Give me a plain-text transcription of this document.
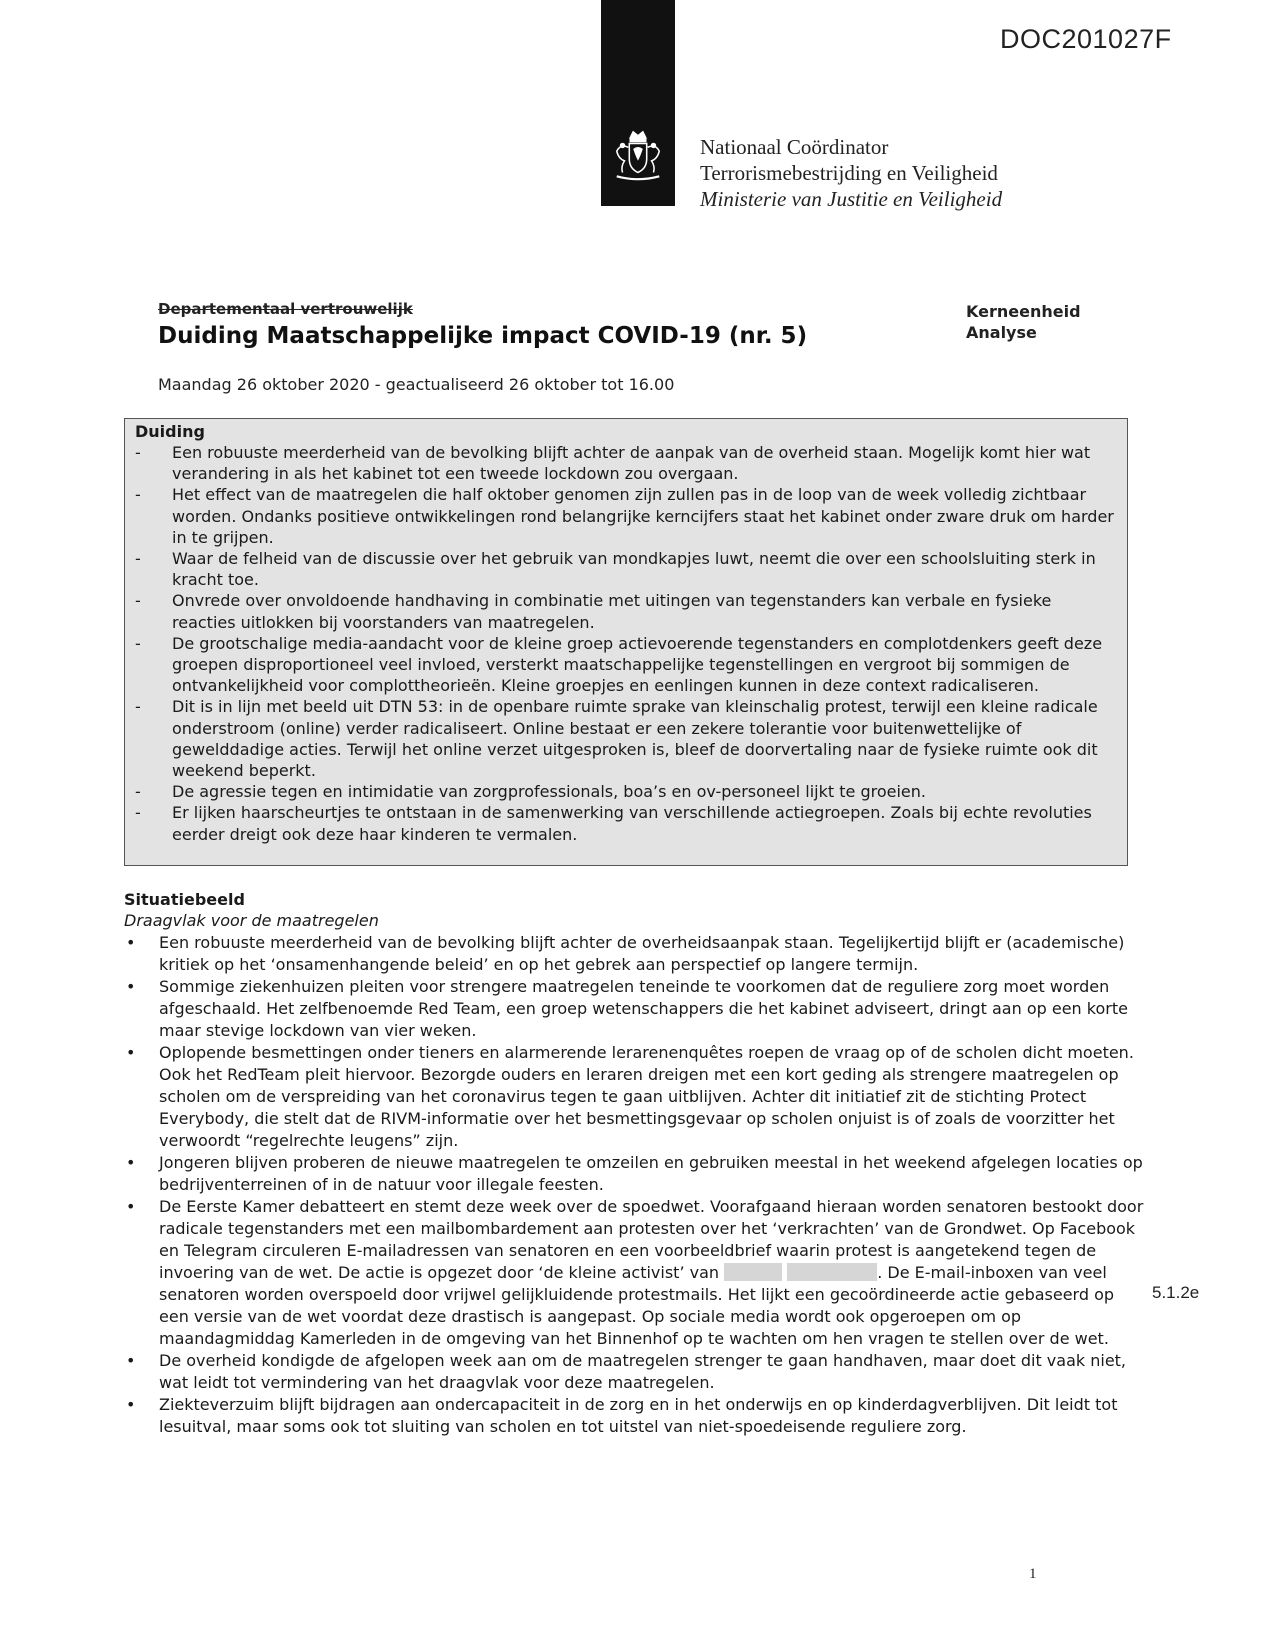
DOC201027F
Nationaal Coördinator
Terrorismebestrijding en Veiligheid
Ministerie van Justitie en Veiligheid
Departementaal vertrouwelijk
Duiding Maatschappelijke impact COVID-19 (nr. 5)
Kerneenheid
Analyse
Maandag 26 oktober 2020 - geactualiseerd 26 oktober tot 16.00
Duiding
- Een robuuste meerderheid van de bevolking blijft achter de aanpak van de overheid staan. Mogelijk komt hier wat verandering in als het kabinet tot een tweede lockdown zou overgaan.
- Het effect van de maatregelen die half oktober genomen zijn zullen pas in de loop van de week volledig zichtbaar worden. Ondanks positieve ontwikkelingen rond belangrijke kerncijfers staat het kabinet onder zware druk om harder in te grijpen.
- Waar de felheid van de discussie over het gebruik van mondkapjes luwt, neemt die over een schoolsluiting sterk in kracht toe.
- Onvrede over onvoldoende handhaving in combinatie met uitingen van tegenstanders kan verbale en fysieke reacties uitlokken bij voorstanders van maatregelen.
- De grootschalige media-aandacht voor de kleine groep actievoerende tegenstanders en complotdenkers geeft deze groepen disproportioneel veel invloed, versterkt maatschappelijke tegenstellingen en vergroot bij sommigen de ontvankelijkheid voor complottheorieën. Kleine groepjes en eenlingen kunnen in deze context radicaliseren.
- Dit is in lijn met beeld uit DTN 53: in de openbare ruimte sprake van kleinschalig protest, terwijl een kleine radicale onderstroom (online) verder radicaliseert. Online bestaat er een zekere tolerantie voor buitenwettelijke of gewelddadige acties. Terwijl het online verzet uitgesproken is, bleef de doorvertaling naar de fysieke ruimte ook dit weekend beperkt.
- De agressie tegen en intimidatie van zorgprofessionals, boa’s en ov-personeel lijkt te groeien.
- Er lijken haarscheurtjes te ontstaan in de samenwerking van verschillende actiegroepen. Zoals bij echte revoluties eerder dreigt ook deze haar kinderen te vermalen.
Situatiebeeld
Draagvlak voor de maatregelen
• Een robuuste meerderheid van de bevolking blijft achter de overheidsaanpak staan. Tegelijkertijd blijft er (academische) kritiek op het ‘onsamenhangende beleid’ en op het gebrek aan perspectief op langere termijn.
• Sommige ziekenhuizen pleiten voor strengere maatregelen teneinde te voorkomen dat de reguliere zorg moet worden afgeschaald. Het zelfbenoemde Red Team, een groep wetenschappers die het kabinet adviseert, dringt aan op een korte maar stevige lockdown van vier weken.
• Oplopende besmettingen onder tieners en alarmerende lerarenenquêtes roepen de vraag op of de scholen dicht moeten. Ook het RedTeam pleit hiervoor. Bezorgde ouders en leraren dreigen met een kort geding als strengere maatregelen op scholen om de verspreiding van het coronavirus tegen te gaan uitblijven. Achter dit initiatief zit de stichting Protect Everybody, die stelt dat de RIVM-informatie over het besmettingsgevaar op scholen onjuist is of zoals de voorzitter het verwoordt “regelrechte leugens” zijn.
• Jongeren blijven proberen de nieuwe maatregelen te omzeilen en gebruiken meestal in het weekend afgelegen locaties op bedrijventerreinen of in de natuur voor illegale feesten.
• De Eerste Kamer debatteert en stemt deze week over de spoedwet. Voorafgaand hieraan worden senatoren bestookt door radicale tegenstanders met een mailbombardement aan protesten over het ‘verkrachten’ van de Grondwet. Op Facebook en Telegram circuleren E-mailadressen van senatoren en een voorbeeldbrief waarin protest is aangetekend tegen de invoering van de wet. De actie is opgezet door ‘de kleine activist’ van	. De E-mail-inboxen van veel senatoren worden overspoeld door vrijwel gelijkluidende protestmails. Het lijkt een gecoördineerde actie gebaseerd op een versie van de wet voordat deze drastisch is aangepast. Op sociale media wordt ook opgeroepen om op maandagmiddag Kamerleden in de omgeving van het Binnenhof op te wachten om hen vragen te stellen over de wet.
• De overheid kondigde de afgelopen week aan om de maatregelen strenger te gaan handhaven, maar doet dit vaak niet, wat leidt tot vermindering van het draagvlak voor deze maatregelen.
• Ziekteverzuim blijft bijdragen aan ondercapaciteit in de zorg en in het onderwijs en op kinderdagverblijven. Dit leidt tot lesuitval, maar soms ook tot sluiting van scholen en tot uitstel van niet-spoedeisende reguliere zorg.
5.1.2e
1
